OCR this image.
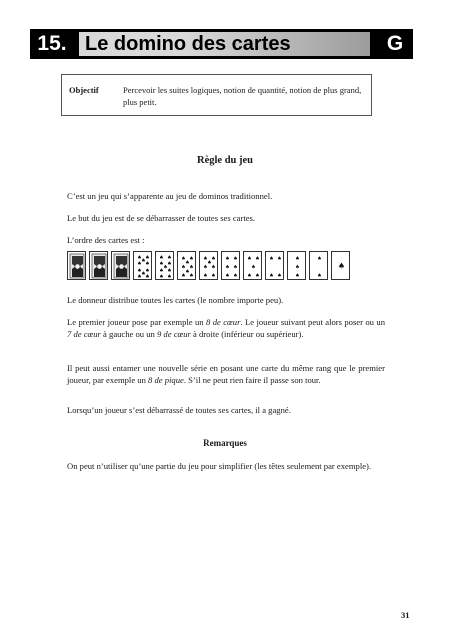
15. Le domino des cartes	G
Objectif	Percevoir les suites logiques, notion de quantité, notion de plus grand, plus petit.
Règle du jeu
C’est un jeu qui s’apparente au jeu de dominos traditionnel.
Le but du jeu est de se débarrasser de toutes ses cartes.
L’ordre des cartes est :
♠ ♠
♠
♠ ♠
♠ ♠
♠
♠ ♠
♠ ♠
♠ ♠
♠
♠ ♠
♠ ♠
♠ ♠
♠
♠ ♠
♠
♠ ♠
♠ ♠
♠
♠ ♠
♠ ♠
♠ ♠
♠ ♠
♠ ♠
♠ ♠
♠
♠ ♠
♠ ♠
♠ ♠
♠
♠
♠
♠
♠
♠
Le donneur distribue toutes les cartes (le nombre importe peu).
Le premier joueur pose par exemple un 8 de cœur. Le joueur suivant peut alors poser ou un 7 de cœur à gauche ou un 9 de cœur à droite (inférieur ou supérieur).
Il peut aussi entamer une nouvelle série en posant une carte du même rang que le premier joueur, par exemple un 8 de pique. S’il ne peut rien faire il passe son tour.
Lorsqu’un joueur s’est débarrassé de toutes ses cartes, il a gagné.
Remarques
On peut n’utiliser qu’une partie du jeu pour simplifier (les têtes seulement par exemple).
31
